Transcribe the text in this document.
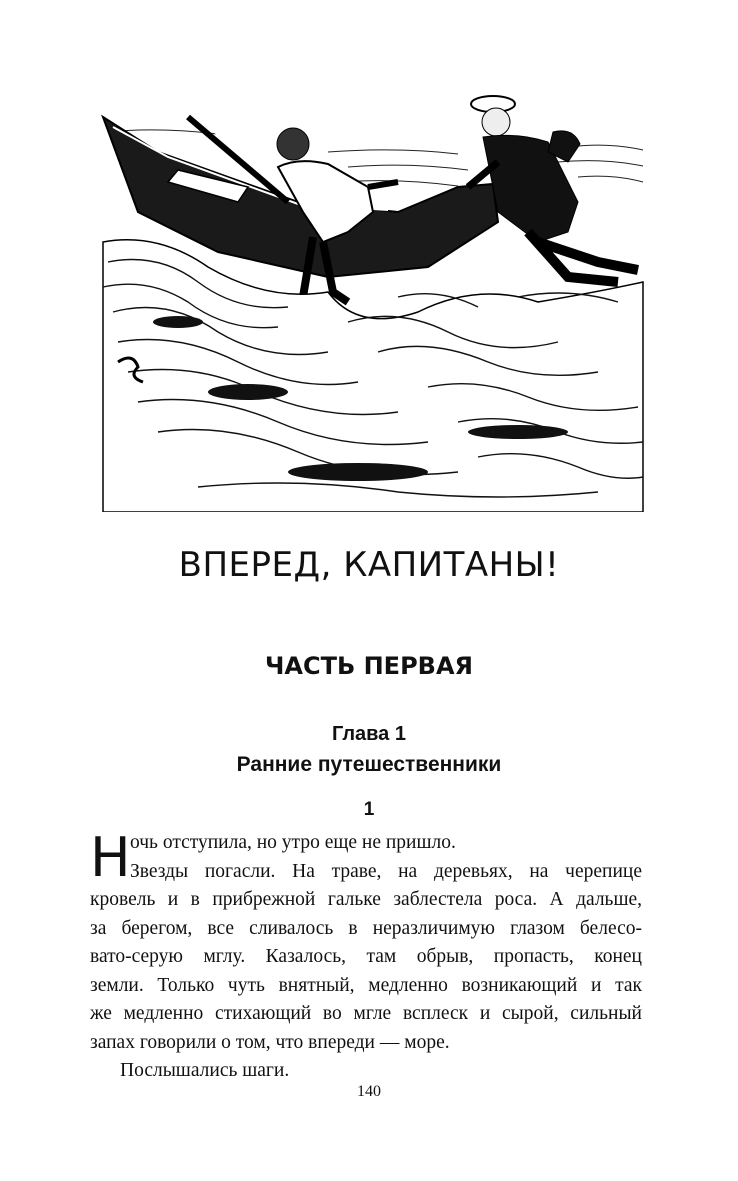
ВПЕРЕД, КАПИТАНЫ!
ЧАСТЬ ПЕРВАЯ
Глава 1
Ранние путешественники
1
Н очь отступила, но утро еще не пришло.
Звезды погасли. На траве, на деревьях, на черепице
кровель и в прибрежной гальке заблестела роса. А дальше,
за берегом, все сливалось в неразличимую глазом белесо-
вато-серую мглу. Казалось, там обрыв, пропасть, конец
земли. Только чуть внятный, медленно возникающий и так
же медленно стихающий во мгле всплеск и сырой, сильный
запах говорили о том, что впереди — море.
Послышались шаги.
140
